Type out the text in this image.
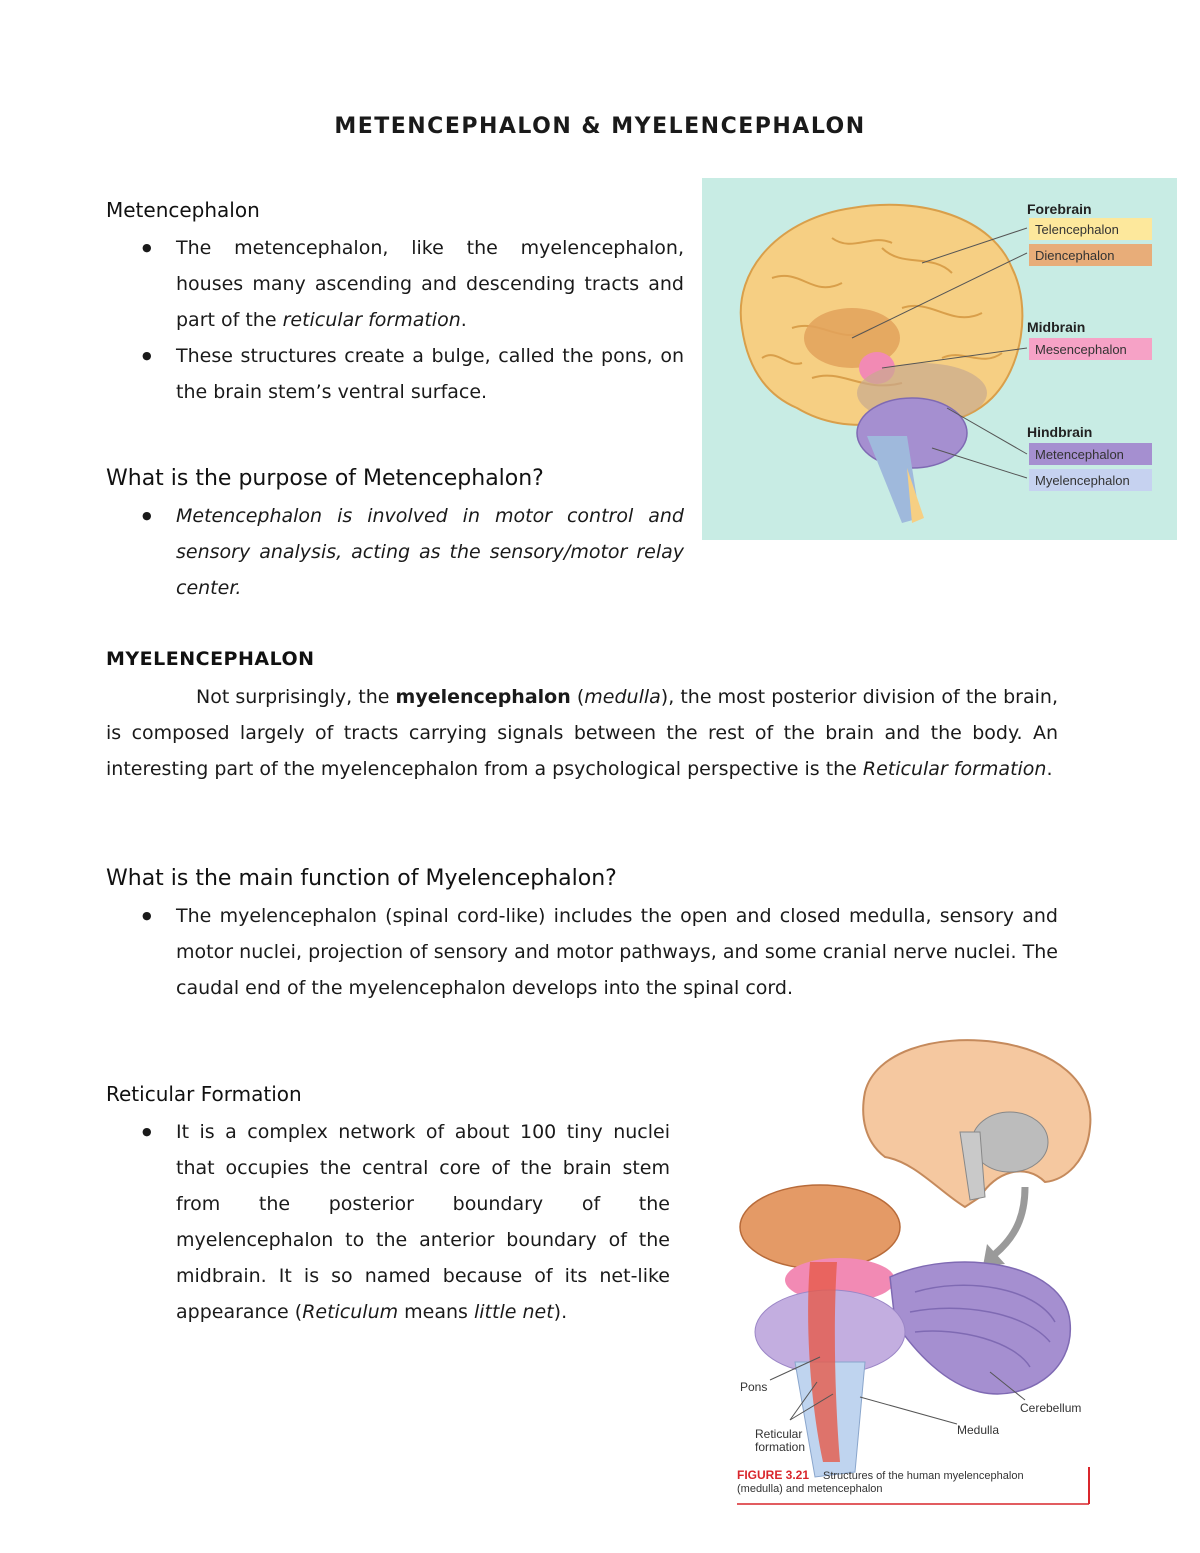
METENCEPHALON & MYELENCEPHALON
Metencephalon
● The metencephalon, like the myelencephalon, houses many ascending and descending tracts and part of the reticular formation.
● These structures create a bulge, called the pons, on the brain stem’s ventral surface.
What is the purpose of Metencephalon?
● Metencephalon is involved in motor control and sensory analysis, acting as the sensory/motor relay center.
MYELENCEPHALON

Not surprisingly, the myelencephalon (medulla), the most posterior division of the brain, is composed largely of tracts carrying signals between the rest of the brain and the body. An interesting part of the myelencephalon from a psychological perspective is the Reticular formation.

What is the main function of Myelencephalon?
● The myelencephalon (spinal cord-like) includes the open and closed medulla, sensory and motor nuclei, projection of sensory and motor pathways, and some cranial nerve nuclei. The caudal end of the myelencephalon develops into the spinal cord.
Reticular Formation
● It is a complex network of about 100 tiny nuclei that occupies the central core of the brain stem from the posterior boundary of the myelencephalon to the anterior boundary of the midbrain. It is so named because of its net-like appearance (Reticulum means little net).
Forebrain
Telencephalon
Diencephalon
Midbrain
Mesencephalon
Hindbrain
Metencephalon
Myelencephalon
Pons
Reticular
formation
Medulla
Cerebellum
FIGURE 3.21 Structures of the human myelencephalon
(medulla) and metencephalon
